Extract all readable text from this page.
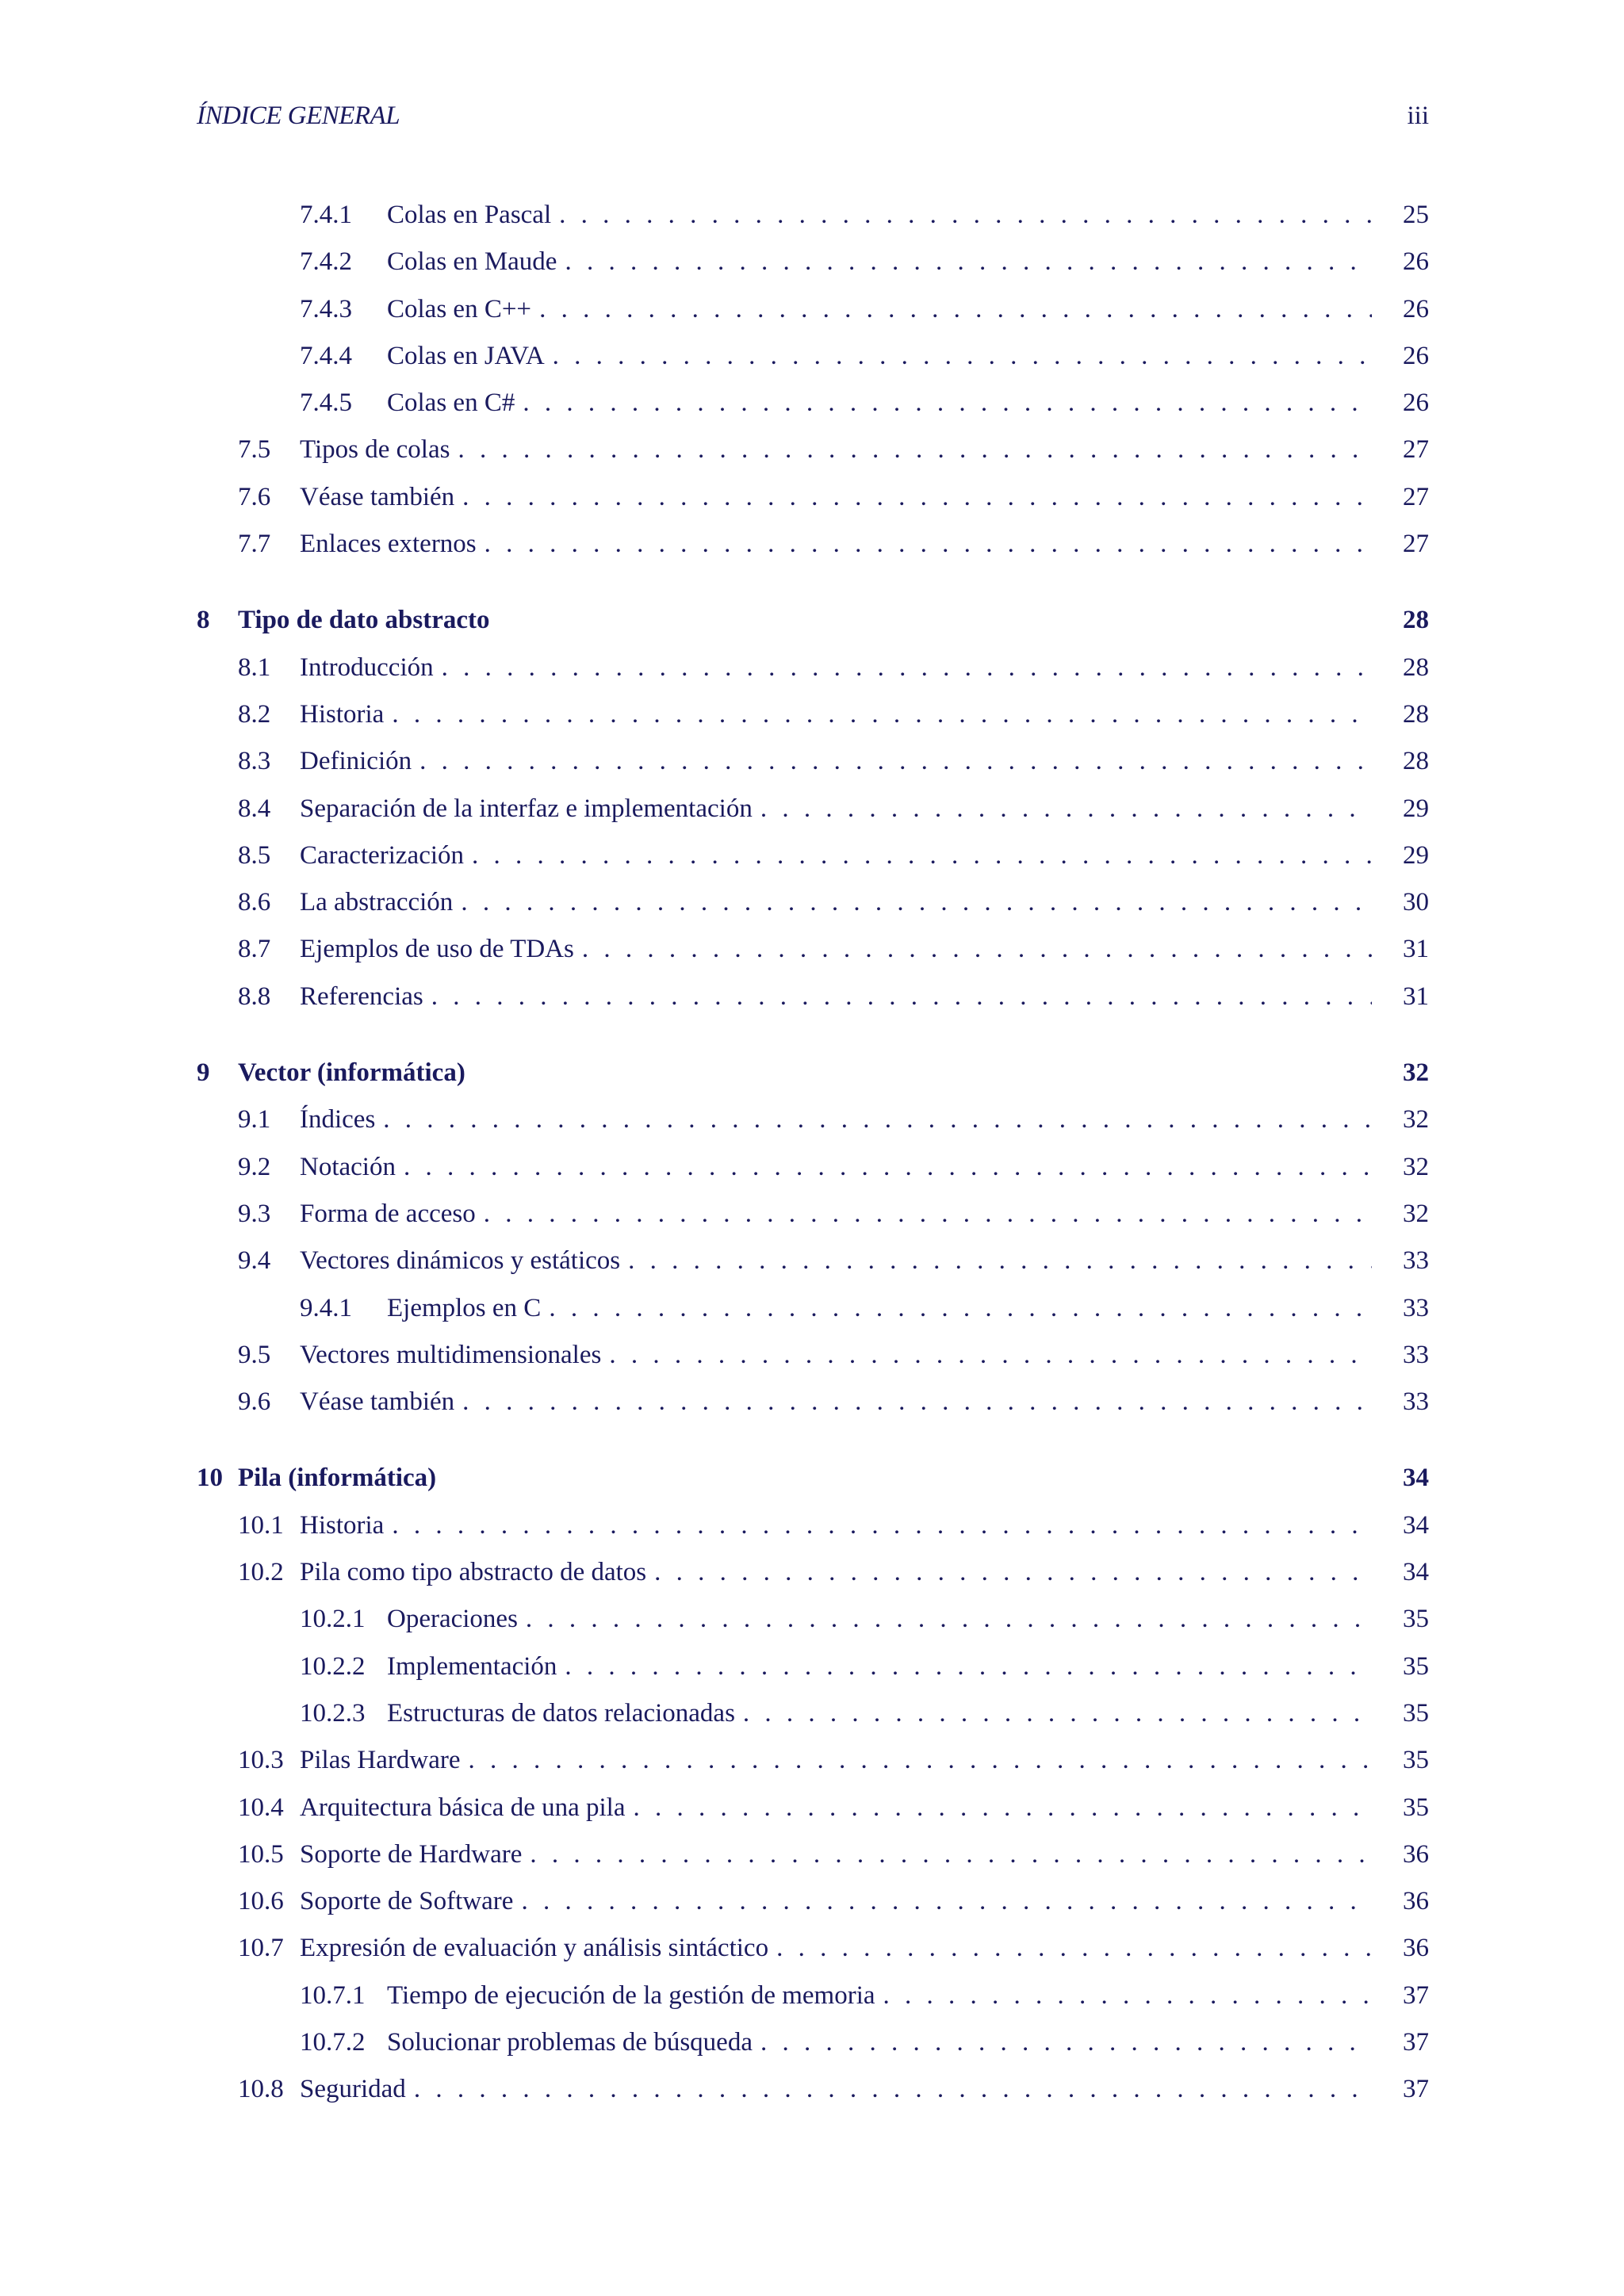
ÍNDICE GENERAL	iii
7.4.1 Colas en Pascal . . .	25
7.4.2 Colas en Maude . . .	26
7.4.3 Colas en C++ . . .	26
7.4.4 Colas en JAVA . . .	26
7.4.5 Colas en C# . . .	26
7.5 Tipos de colas . . .	27
7.6 Véase también . . .	27
7.7 Enlaces externos . . .	27
8 Tipo de dato abstracto	28
8.1 Introducción . . .	28
8.2 Historia . . .	28
8.3 Definición . . .	28
8.4 Separación de la interfaz e implementación . . .	29
8.5 Caracterización . . .	29
8.6 La abstracción . . .	30
8.7 Ejemplos de uso de TDAs . . .	31
8.8 Referencias . . .	31
9 Vector (informática)	32
9.1 Índices . . .	32
9.2 Notación . . .	32
9.3 Forma de acceso . . .	32
9.4 Vectores dinámicos y estáticos . . .	33
9.4.1 Ejemplos en C . . .	33
9.5 Vectores multidimensionales . . .	33
9.6 Véase también . . .	33
10 Pila (informática)	34
10.1 Historia . . .	34
10.2 Pila como tipo abstracto de datos . . .	34
10.2.1 Operaciones . . .	35
10.2.2 Implementación . . .	35
10.2.3 Estructuras de datos relacionadas . . .	35
10.3 Pilas Hardware . . .	35
10.4 Arquitectura básica de una pila . . .	35
10.5 Soporte de Hardware . . .	36
10.6 Soporte de Software . . .	36
10.7 Expresión de evaluación y análisis sintáctico . . .	36
10.7.1 Tiempo de ejecución de la gestión de memoria . . .	37
10.7.2 Solucionar problemas de búsqueda . . .	37
10.8 Seguridad . . .	37
